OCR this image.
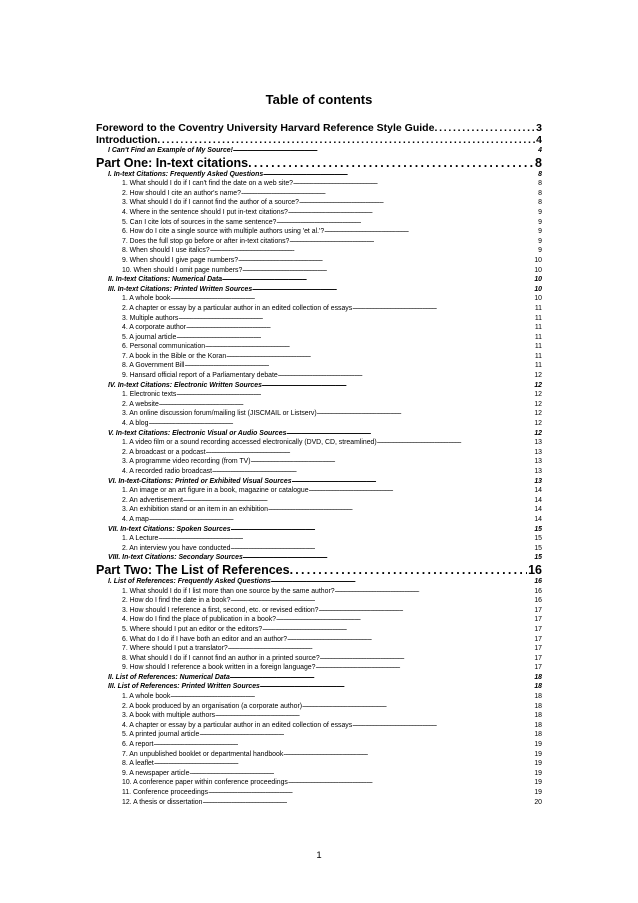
Table of contents
Foreword to the Coventry University Harvard Reference Style Guide . . .	3
Introduction . . .	4
I Can't Find an Example of My Source! . . .	4
Part One: In-text citations . . .	8
I. In-text Citations: Frequently Asked Questions . . .	8
1. What should I do if I can't find the date on a web site? . . .	8
2. How should I cite an author's name? . . .	8
3. What should I do if I cannot find the author of a source? . . .	8
4. Where in the sentence should I put in-text citations? . . .	9
5. Can I cite lots of sources in the same sentence? . . .	9
6. How do I cite a single source with multiple authors using 'et al.'? . . .	9
7. Does the full stop go before or after in-text citations? . . .	9
8. When should I use italics? . . .	9
9. When should I give page numbers? . . .	10
10. When should I omit page numbers? . . .	10
II. In-text Citations: Numerical Data . . .	10
III. In-text Citations: Printed Written Sources . . .	10
1. A whole book . . .	10
2. A chapter or essay by a particular author in an edited collection of essays . . .	11
3. Multiple authors . . .	11
4. A corporate author . . .	11
5. A journal article . . .	11
6. Personal communication . . .	11
7. A book in the Bible or the Koran . . .	11
8. A Government Bill . . .	11
9. Hansard official report of a Parliamentary debate . . .	12
IV. In-text Citations: Electronic Written Sources . . .	12
1. Electronic texts . . .	12
2. A website . . .	12
3. An online discussion forum/mailing list (JISCMAIL or Listserv) . . .	12
4. A blog . . .	12
V. In-text Citations: Electronic Visual or Audio Sources . . .	12
1. A video film or a sound recording accessed electronically (DVD, CD, streamlined) . . .	13
2. A broadcast or a podcast . . .	13
3. A programme video recording (from TV) . . .	13
4. A recorded radio broadcast . . .	13
VI. In-text-Citations: Printed or Exhibited Visual Sources . . .	13
1. An image or an art figure in a book, magazine or catalogue . . .	14
2. An advertisement . . .	14
3. An exhibition stand or an item in an exhibition . . .	14
4. A map . . .	14
VII. In-text Citations: Spoken Sources . . .	15
1. A Lecture . . .	15
2. An interview you have conducted . . .	15
VIII. In-text Citations: Secondary Sources . . .	15
Part Two: The List of References . . .	16
I. List of References: Frequently Asked Questions . . .	16
1. What should I do if I list more than one source by the same author? . . .	16
2. How do I find the date in a book? . . .	16
3. How should I reference a first, second, etc. or revised edition? . . .	17
4. How do I find the place of publication in a book? . . .	17
5. Where should I put an editor or the editors? . . .	17
6. What do I do if I have both an editor and an author? . . .	17
7. Where should I put a translator? . . .	17
8. What should I do if I cannot find an author in a printed source? . . .	17
9. How should I reference a book written in a foreign language? . . .	17
II. List of References: Numerical Data . . .	18
III. List of References: Printed Written Sources . . .	18
1. A whole book . . .	18
2. A book produced by an organisation (a corporate author) . . .	18
3. A book with multiple authors . . .	18
4. A chapter or essay by a particular author in an edited collection of essays . . .	18
5. A printed journal article . . .	18
6. A report . . .	19
7. An unpublished booklet or departmental handbook . . .	19
8. A leaflet . . .	19
9. A newspaper article . . .	19
10. A conference paper within conference proceedings . . .	19
11. Conference proceedings . . .	19
12. A thesis or dissertation . . .	20
1
